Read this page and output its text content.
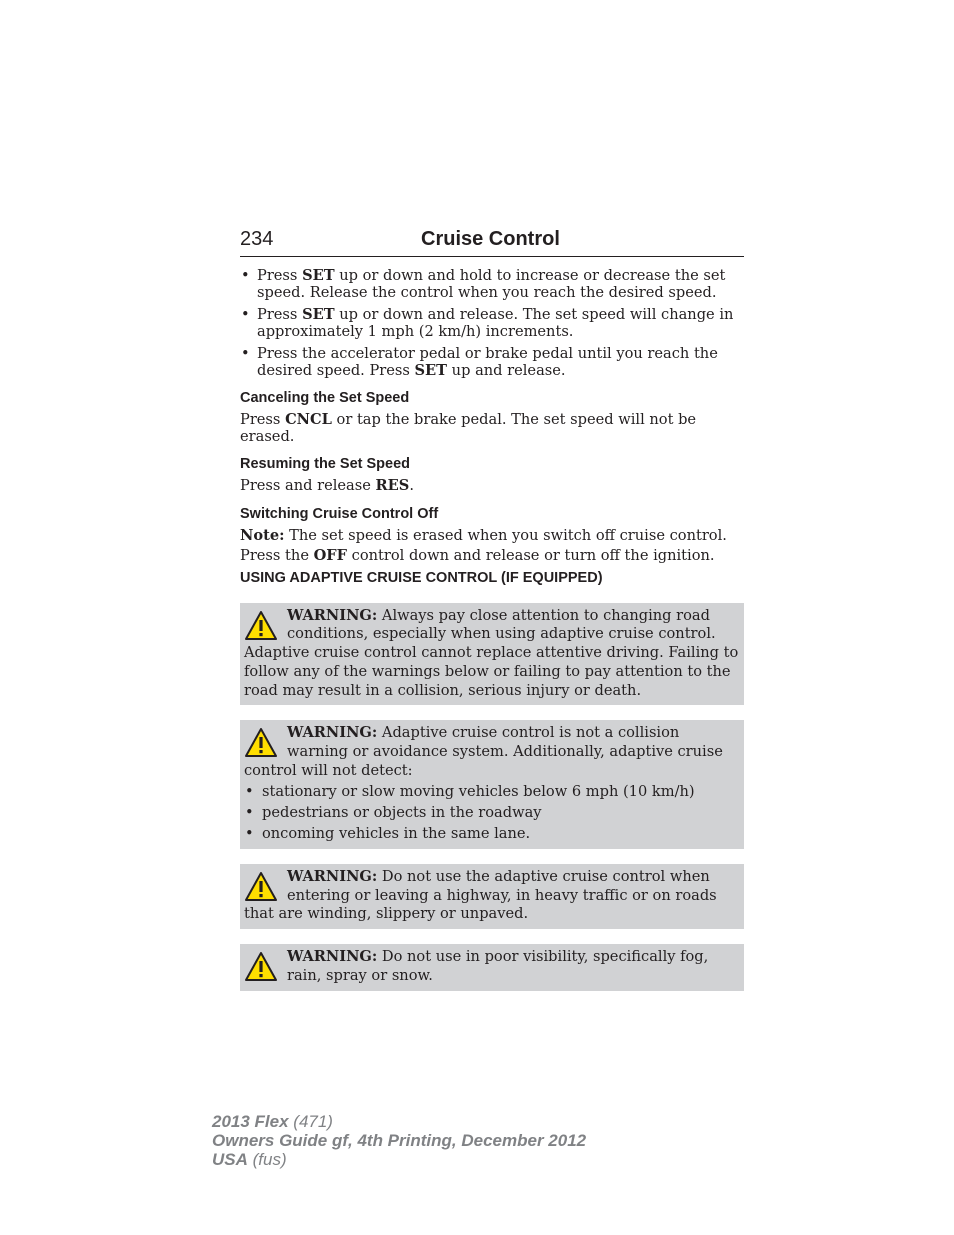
234	Cruise Control
• Press SET up or down and hold to increase or decrease the set speed. Release the control when you reach the desired speed.
• Press SET up or down and release. The set speed will change in approximately 1 mph (2 km/h) increments.
• Press the accelerator pedal or brake pedal until you reach the desired speed. Press SET up and release.
Canceling the Set Speed

Press CNCL or tap the brake pedal. The set speed will not be erased.

Resuming the Set Speed

Press and release RES.

Switching Cruise Control Off

Note: The set speed is erased when you switch off cruise control.

Press the OFF control down and release or turn off the ignition.

USING ADAPTIVE CRUISE CONTROL (IF EQUIPPED)
WARNING: Always pay close attention to changing road conditions, especially when using adaptive cruise control. Adaptive cruise control cannot replace attentive driving. Failing to follow any of the warnings below or failing to pay attention to the road may result in a collision, serious injury or death.
WARNING: Adaptive cruise control is not a collision warning or avoidance system. Additionally, adaptive cruise control will not detect:
• stationary or slow moving vehicles below 6 mph (10 km/h)
• pedestrians or objects in the roadway
• oncoming vehicles in the same lane.
WARNING: Do not use the adaptive cruise control when entering or leaving a highway, in heavy traffic or on roads that are winding, slippery or unpaved.
WARNING: Do not use in poor visibility, specifically fog, rain, spray or snow.
2013 Flex (471)
Owners Guide gf, 4th Printing, December 2012
USA (fus)
